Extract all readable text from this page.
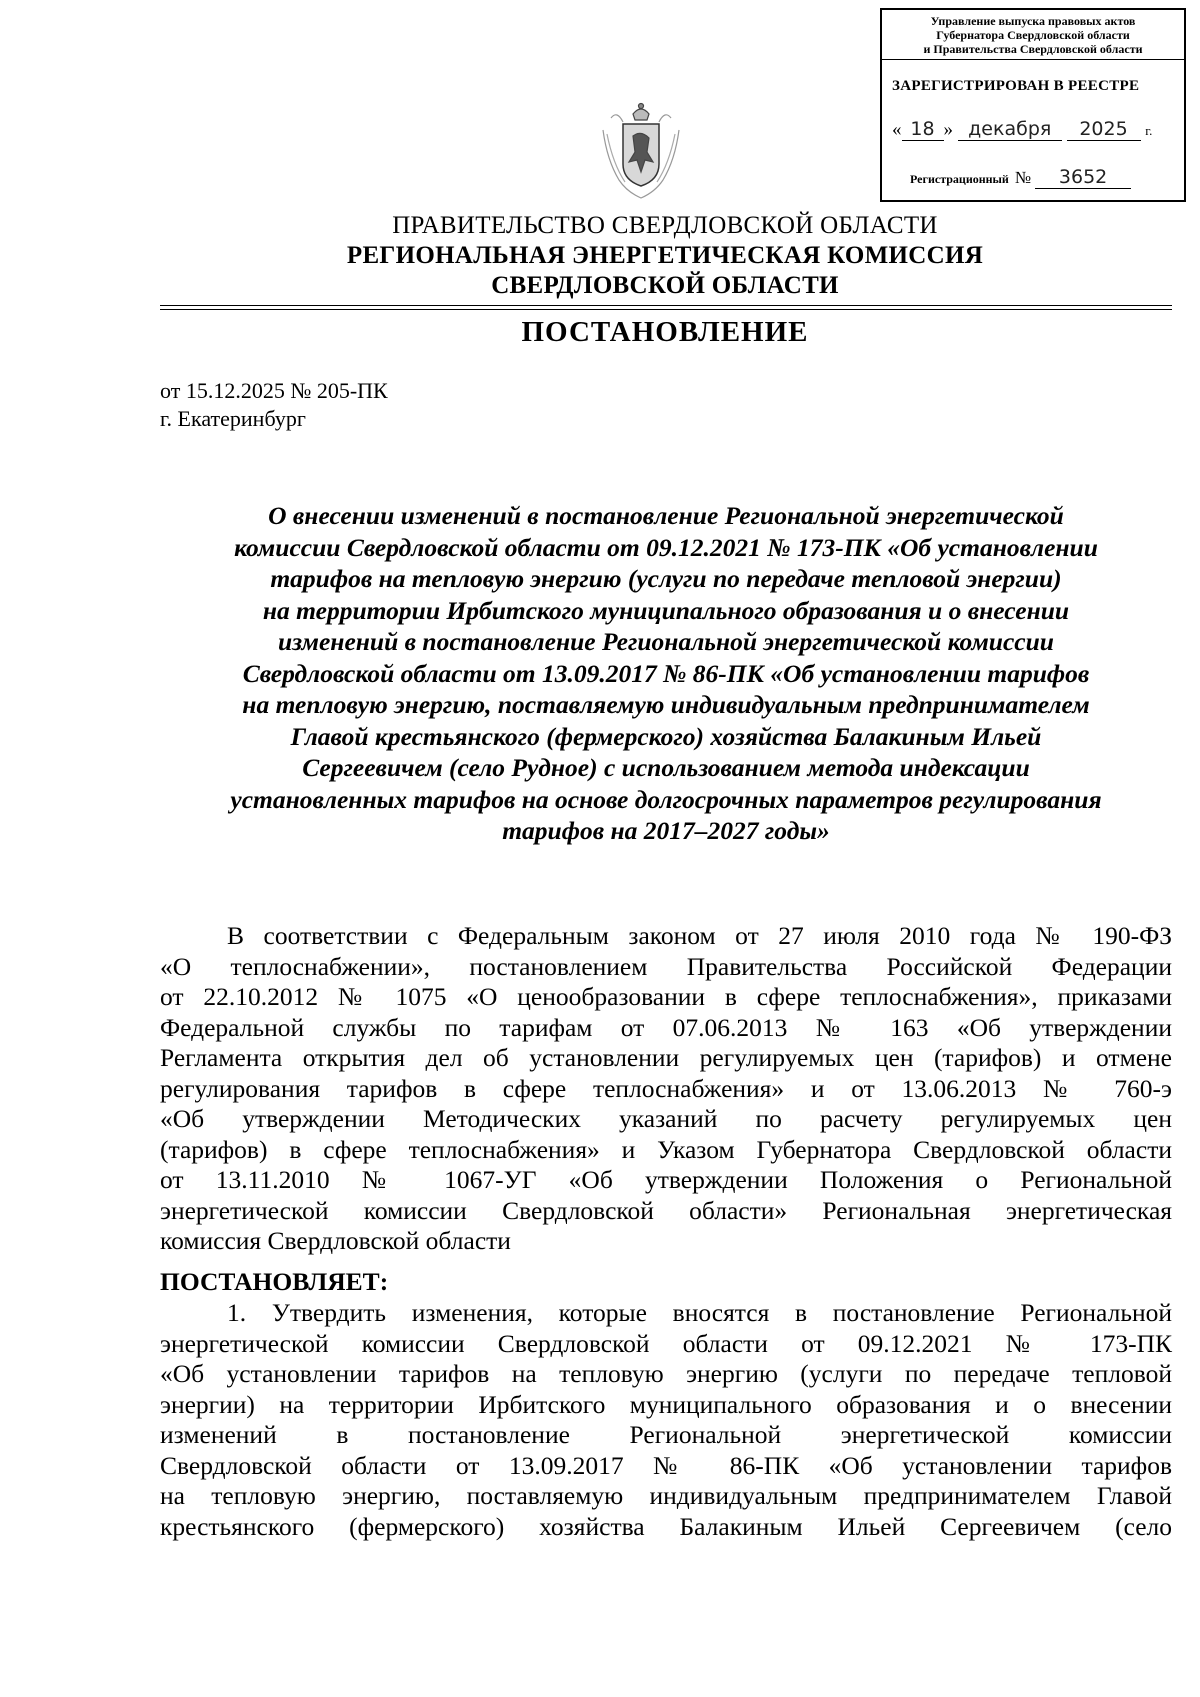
Управление выпуска правовых актов
Губернатора Свердловской области
и Правительства Свердловской области
ЗАРЕГИСТРИРОВАН В РЕЕСТРЕ
« 18 » декабря 2025 г.
Регистрационный № 3652
ПРАВИТЕЛЬСТВО СВЕРДЛОВСКОЙ ОБЛАСТИ
РЕГИОНАЛЬНАЯ ЭНЕРГЕТИЧЕСКАЯ КОМИССИЯ
СВЕРДЛОВСКОЙ ОБЛАСТИ
ПОСТАНОВЛЕНИЕ
от 15.12.2025 № 205-ПК
г. Екатеринбург
О внесении изменений в постановление Региональной энергетической
комиссии Свердловской области от 09.12.2021 № 173-ПК «Об установлении
тарифов на тепловую энергию (услуги по передаче тепловой энергии)
на территории Ирбитского муниципального образования и о внесении
изменений в постановление Региональной энергетической комиссии
Свердловской области от 13.09.2017 № 86-ПК «Об установлении тарифов
на тепловую энергию, поставляемую индивидуальным предпринимателем
Главой крестьянского (фермерского) хозяйства Балакиным Ильей
Сергеевичем (село Рудное) с использованием метода индексации
установленных тарифов на основе долгосрочных параметров регулирования
тарифов на 2017–2027 годы»
В соответствии с Федеральным законом от 27 июля 2010 года № 190-ФЗ
«О теплоснабжении», постановлением Правительства Российской Федерации
от 22.10.2012 № 1075 «О ценообразовании в сфере теплоснабжения», приказами
Федеральной службы по тарифам от 07.06.2013 № 163 «Об утверждении
Регламента открытия дел об установлении регулируемых цен (тарифов) и отмене
регулирования тарифов в сфере теплоснабжения» и от 13.06.2013 № 760-э
«Об утверждении Методических указаний по расчету регулируемых цен
(тарифов) в сфере теплоснабжения» и Указом Губернатора Свердловской области
от 13.11.2010 № 1067-УГ «Об утверждении Положения о Региональной
энергетической комиссии Свердловской области» Региональная энергетическая
комиссия Свердловской области
ПОСТАНОВЛЯЕТ:
1. Утвердить изменения, которые вносятся в постановление Региональной
энергетической комиссии Свердловской области от 09.12.2021 № 173-ПК
«Об установлении тарифов на тепловую энергию (услуги по передаче тепловой
энергии) на территории Ирбитского муниципального образования и о внесении
изменений в постановление Региональной энергетической комиссии
Свердловской области от 13.09.2017 № 86-ПК «Об установлении тарифов
на тепловую энергию, поставляемую индивидуальным предпринимателем Главой
крестьянского (фермерского) хозяйства Балакиным Ильей Сергеевичем (село
